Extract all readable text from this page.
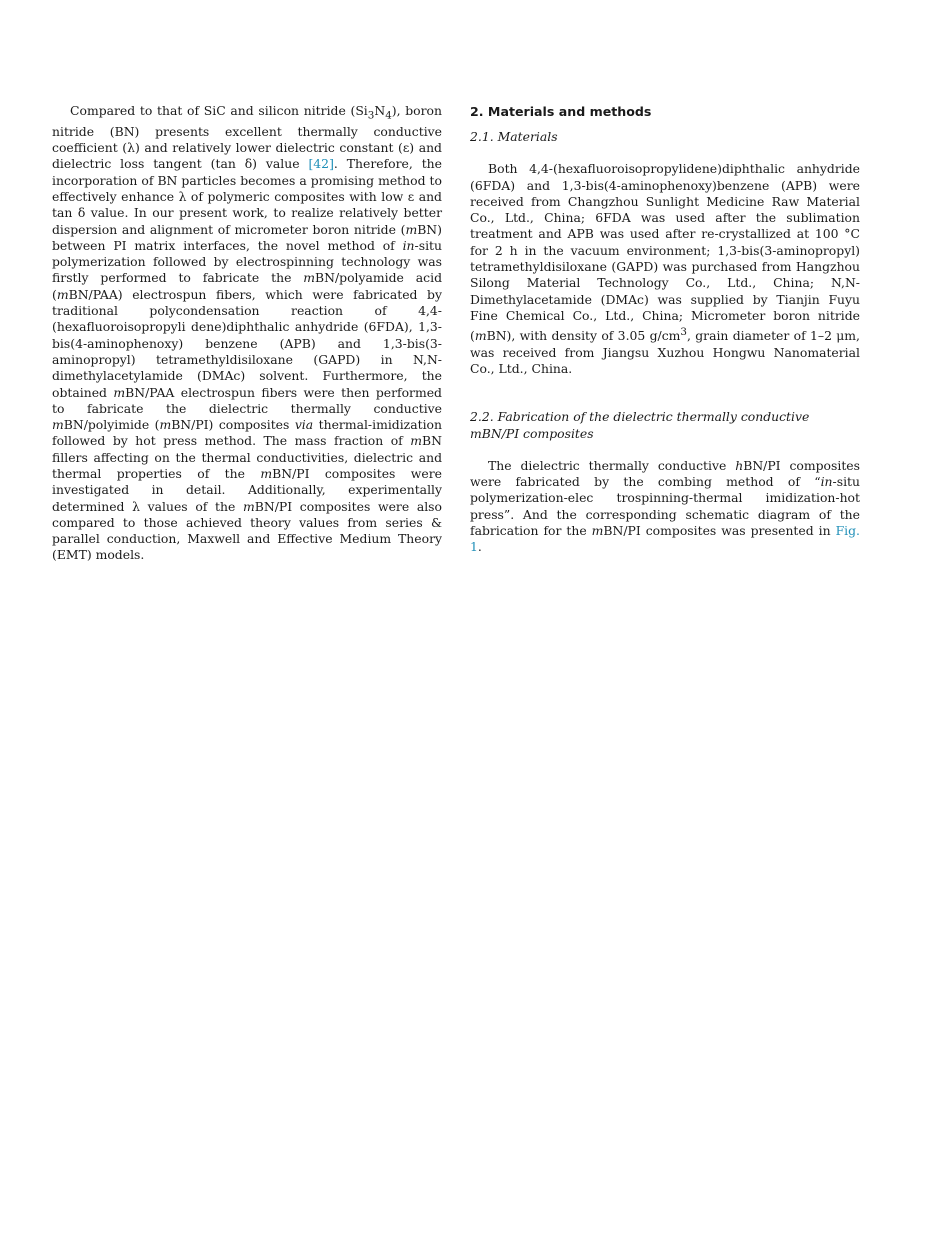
Compared to that of SiC and silicon nitride $(Si_3N_4)$, boron nitride (BN) presents excellent thermally conductive coefficient (λ) and relatively lower dielectric constant (ε) and dielectric loss tangent (tan δ) value [42]. Therefore, the incorporation of BN particles becomes a promising method to effectively enhance λ of polymeric composites with low ε and tan δ value. In our present work, to realize relatively better dispersion and alignment of micrometer boron nitride (mBN) between PI matrix interfaces, the novel method of in-situ polymerization followed by electrospinning technology was firstly performed to fabricate the mBN/polyamide acid (mBN/PAA) electrospun fibers, which were fabricated by traditional polycondensation reaction of 4,4-(hexafluoroisopropyli dene)diphthalic anhydride (6FDA), 1,3-bis(4-aminophenoxy) benzene (APB) and 1,3-bis(3-aminopropyl) tetramethyldisiloxane (GAPD) in N,N-dimethylacetylamide (DMAc) solvent. Furthermore, the obtained mBN/PAA electrospun fibers were then performed to fabricate the dielectric thermally conductive mBN/polyimide (mBN/PI) composites via thermal-imidization followed by hot press method. The mass fraction of mBN fillers affecting on the thermal conductivities, dielectric and thermal properties of the mBN/PI composites were investigated in detail. Additionally, experimentally determined λ values of the mBN/PI composites were also compared to those achieved theory values from series & parallel conduction, Maxwell and Effective Medium Theory (EMT) models.

2. Materials and methods
2.1. Materials

Both 4,4-(hexafluoroisopropylidene)diphthalic anhydride (6FDA) and 1,3-bis(4-aminophenoxy)benzene (APB) were received from Changzhou Sunlight Medicine Raw Material Co., Ltd., China; 6FDA was used after the sublimation treatment and APB was used after re-crystallized at 100 °C for 2 h in the vacuum environment; 1,3-bis(3-aminopropyl) tetramethyldisiloxane (GAPD) was purchased from Hangzhou Silong Material Technology Co., Ltd., China; N,N-Dimethylacetamide (DMAc) was supplied by Tianjin Fuyu Fine Chemical Co., Ltd., China; Micrometer boron nitride (mBN), with density of 3.05 $g/cm^3$, grain diameter of 1–2 μm, was received from Jiangsu Xuzhou Hongwu Nanomaterial Co., Ltd., China.

2.2. Fabrication of the dielectric thermally conductive mBN/PI composites

The dielectric thermally conductive hBN/PI composites were fabricated by the combing method of “in-situ polymerization-elec trospinning-thermal imidization-hot press”. And the corresponding schematic diagram of the fabrication for the mBN/PI composites was presented in Fig. 1.
